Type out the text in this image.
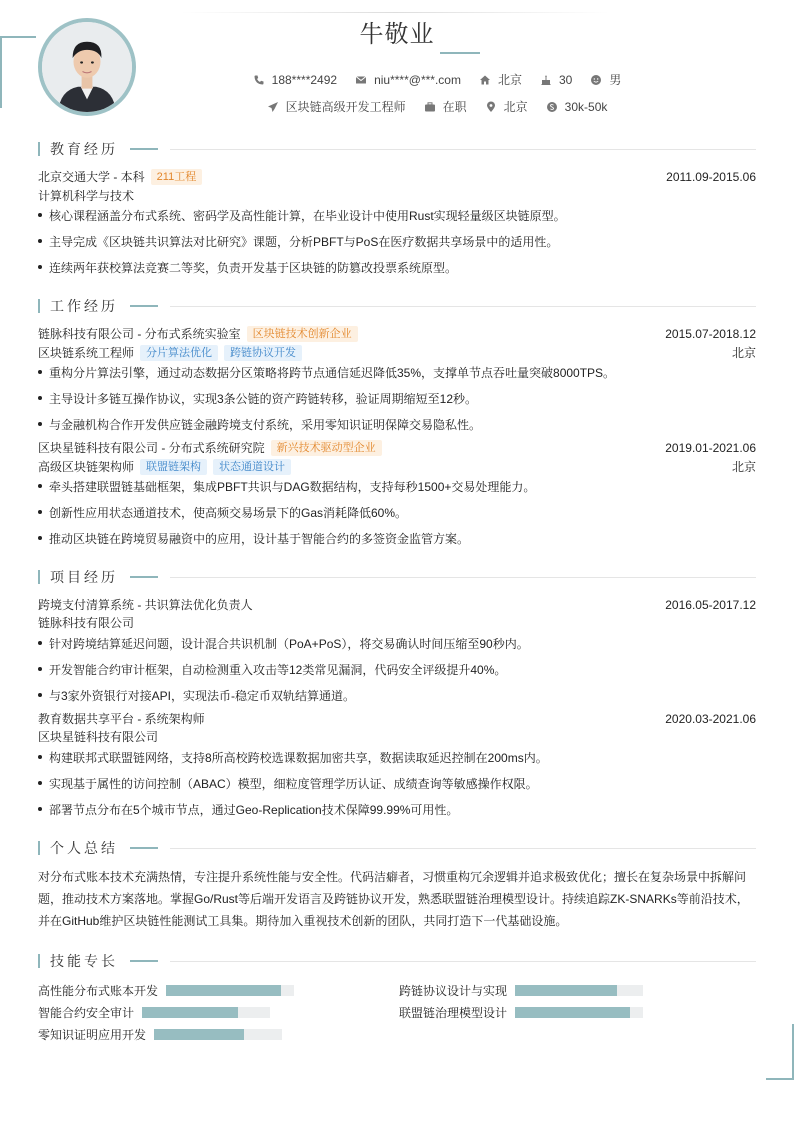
牛敬业
188****2492	niu****@***.com	北京	30	男
区块链高级开发工程师	在职	北京	30k-50k
教育经历
北京交通大学 - 本科	211工程	2011.09-2015.06
计算机科学与技术
核心课程涵盖分布式系统、密码学及高性能计算，在毕业设计中使用Rust实现轻量级区块链原型。
主导完成《区块链共识算法对比研究》课题，分析PBFT与PoS在医疗数据共享场景中的适用性。
连续两年获校算法竞赛二等奖，负责开发基于区块链的防篡改投票系统原型。
工作经历
链脉科技有限公司 - 分布式系统实验室	区块链技术创新企业	2015.07-2018.12
区块链系统工程师	分片算法优化	跨链协议开发	北京
重构分片算法引擎，通过动态数据分区策略将跨节点通信延迟降低35%，支撑单节点吞吐量突破8000TPS。
主导设计多链互操作协议，实现3条公链的资产跨链转移，验证周期缩短至12秒。
与金融机构合作开发供应链金融跨境支付系统，采用零知识证明保障交易隐私性。
区块星链科技有限公司 - 分布式系统研究院	新兴技术驱动型企业	2019.01-2021.06
高级区块链架构师	联盟链架构	状态通道设计	北京
牵头搭建联盟链基础框架，集成PBFT共识与DAG数据结构，支持每秒1500+交易处理能力。
创新性应用状态通道技术，使高频交易场景下的Gas消耗降低60%。
推动区块链在跨境贸易融资中的应用，设计基于智能合约的多签资金监管方案。
项目经历
跨境支付清算系统 - 共识算法优化负责人	2016.05-2017.12
链脉科技有限公司
针对跨境结算延迟问题，设计混合共识机制（PoA+PoS），将交易确认时间压缩至90秒内。
开发智能合约审计框架，自动检测重入攻击等12类常见漏洞，代码安全评级提升40%。
与3家外资银行对接API，实现法币-稳定币双轨结算通道。
教育数据共享平台 - 系统架构师	2020.03-2021.06
区块星链科技有限公司
构建联邦式联盟链网络，支持8所高校跨校选课数据加密共享，数据读取延迟控制在200ms内。
实现基于属性的访问控制（ABAC）模型，细粒度管理学历认证、成绩查询等敏感操作权限。
部署节点分布在5个城市节点，通过Geo-Replication技术保障99.99%可用性。
个人总结
对分布式账本技术充满热情，专注提升系统性能与安全性。代码洁癖者，习惯重构冗余逻辑并追求极致优化；擅长在复杂场景中拆解问题，推动技术方案落地。掌握Go/Rust等后端开发语言及跨链协议开发，熟悉联盟链治理模型设计。持续追踪ZK-SNARKs等前沿技术，并在GitHub维护区块链性能测试工具集。期待加入重视技术创新的团队，共同打造下一代基础设施。
技能专长
高性能分布式账本开发	跨链协议设计与实现
智能合约安全审计	联盟链治理模型设计
零知识证明应用开发
